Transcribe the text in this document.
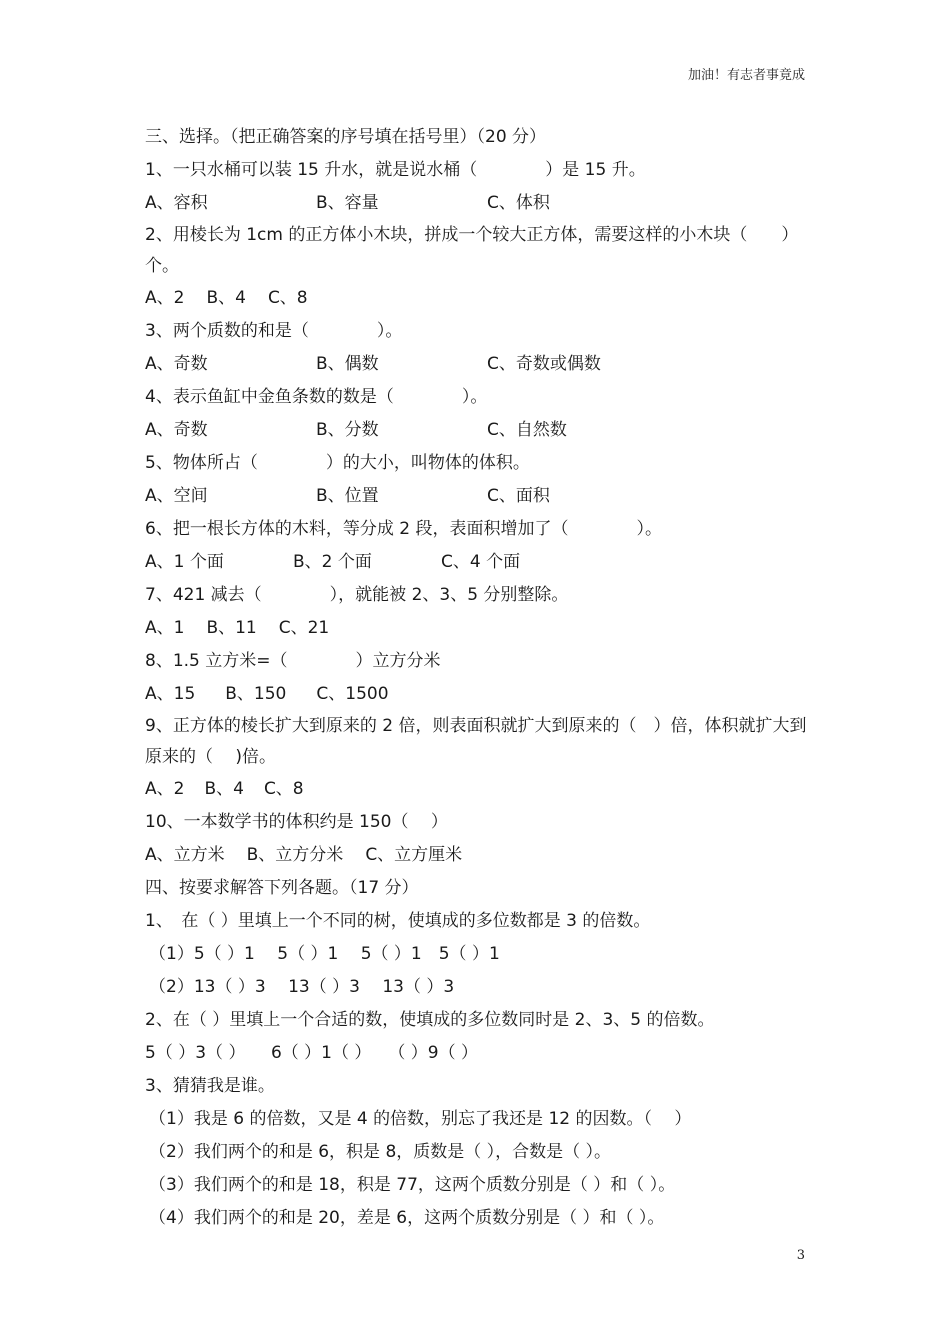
加油！有志者事竟成
三、选择。（把正确答案的序号填在括号里）（20 分）
1、一只水桶可以装 15 升水，就是说水桶（　　　　）是 15 升。
A、容积	B、容量	C、体积
2、用棱长为 1cm 的正方体小木块，拼成一个较大正方体，需要这样的小木块（　　）个。
A、2 B、4 C、8
3、两个质数的和是（　　　　）。
A、奇数	B、偶数	C、奇数或偶数
4、表示鱼缸中金鱼条数的数是（　　　　）。
A、奇数	B、分数	C、自然数
5、物体所占（　　　　）的大小，叫物体的体积。
A、空间	B、位置	C、面积
6、把一根长方体的木料，等分成 2 段，表面积增加了（　　　　）。
A、1 个面	B、2 个面	C、4 个面
7、421 减去（　　　　），就能被 2、3、5 分别整除。
A、1 B、11 C、21
8、1.5 立方米=（　　　　）立方分米
A、15 B、150 C、1500
9、正方体的棱长扩大到原来的 2 倍，则表面积就扩大到原来的（　）倍，体积就扩大到原来的（　 )倍。
A、2 B、4 C、8
10、一本数学书的体积约是 150（　 ）
A、立方米 B、立方分米 C、立方厘米
四、按要求解答下列各题。（17 分）
1、　在（ ）里填上一个不同的树，使填成的多位数都是 3 的倍数。
（1）5（ ）1　 5（ ）1　 5（ ）1　5（ ）1
（2）13（ ）3　 13（ ）3　 13（ ）3
2、在（ ）里填上一个合适的数，使填成的多位数同时是 2、3、5 的倍数。
5（ ）3（ ）　　6（ ）1（ ）　　（ ）9（ ）
3、猜猜我是谁。
（1）我是 6 的倍数，又是 4 的倍数，别忘了我还是 12 的因数。（　 ）
（2）我们两个的和是 6，积是 8，质数是（ ），合数是（ ）。
（3）我们两个的和是 18，积是 77，这两个质数分别是（ ）和（ ）。
（4）我们两个的和是 20，差是 6，这两个质数分别是（ ）和（ ）。
3
